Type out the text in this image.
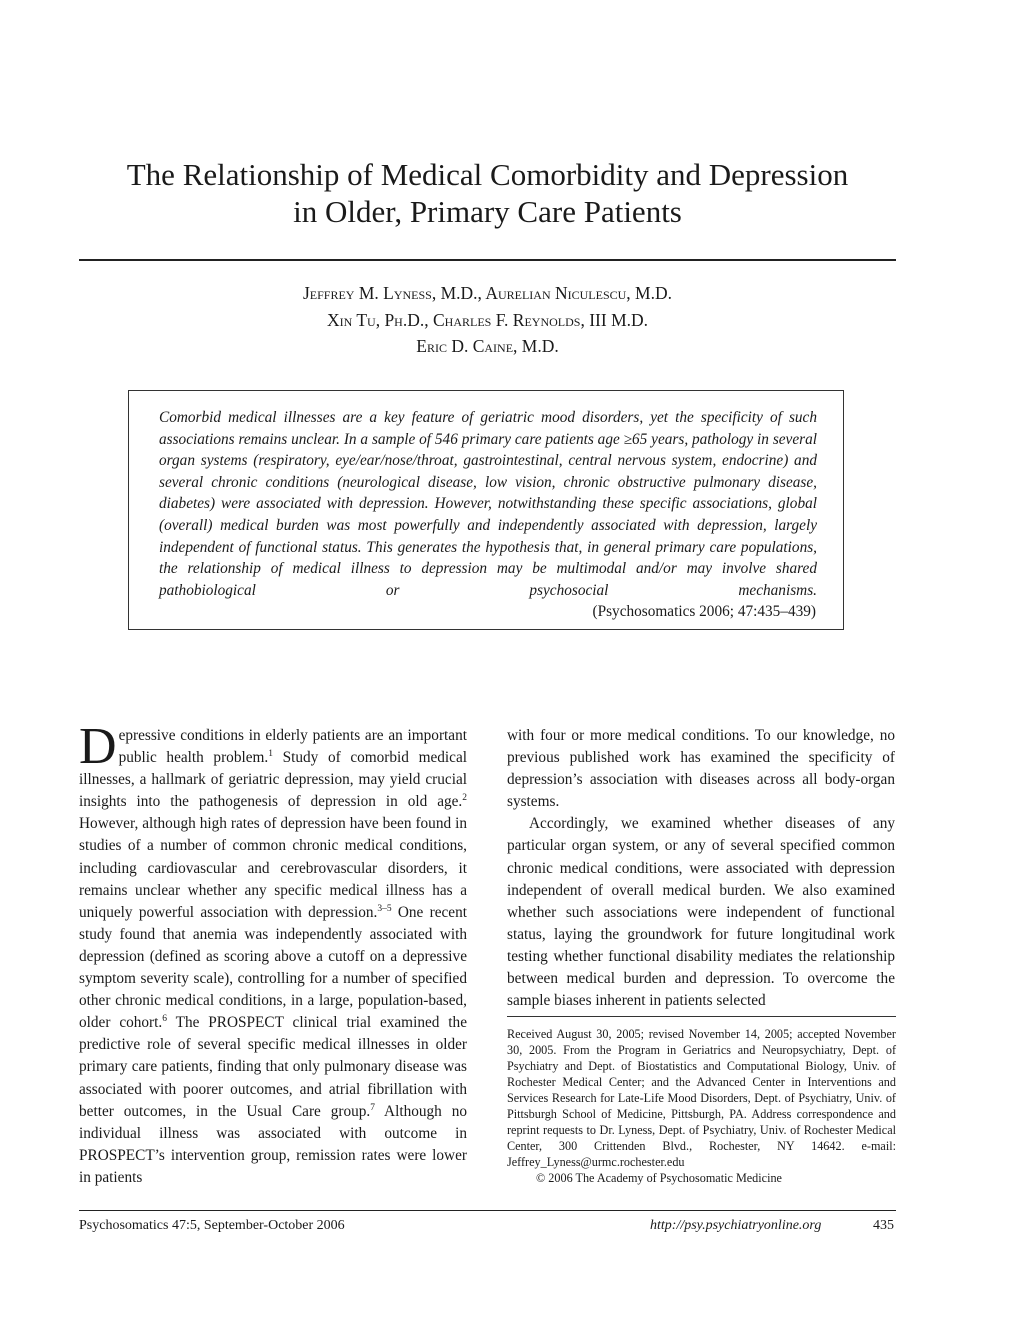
The Relationship of Medical Comorbidity and Depression
in Older, Primary Care Patients
Jeffrey M. Lyness, M.D., Aurelian Niculescu, M.D.
Xin Tu, Ph.D., Charles F. Reynolds, III M.D.
Eric D. Caine, M.D.

Comorbid medical illnesses are a key feature of geriatric mood disorders, yet the specificity of such associations remains unclear. In a sample of 546 primary care patients age ≥65 years, pathology in several organ systems (respiratory, eye/ear/nose/throat, gastrointestinal, central nervous system, endocrine) and several chronic conditions (neurological disease, low vision, chronic obstructive pulmonary disease, diabetes) were associated with depression. However, notwithstanding these specific associations, global (overall) medical burden was most powerfully and independently associated with depression, largely independent of functional status. This generates the hypothesis that, in general primary care populations, the relationship of medical illness to depression may be multimodal and/or may involve shared pathobiological or psychosocial mechanisms.

(Psychosomatics 2006; 47:435–439)

Depressive conditions in elderly patients are an important public health problem.$^1$ Study of comorbid medical illnesses, a hallmark of geriatric depression, may yield crucial insights into the pathogenesis of depression in old age.$^2$ However, although high rates of depression have been found in studies of a number of common chronic medical conditions, including cardiovascular and cerebrovascular disorders, it remains unclear whether any specific medical illness has a uniquely powerful association with depression.$^{3-5}$ One recent study found that anemia was independently associated with depression (defined as scoring above a cutoff on a depressive symptom severity scale), controlling for a number of specified other chronic medical conditions, in a large, population-based, older cohort.$^6$ The PROSPECT clinical trial examined the predictive role of several specific medical illnesses in older primary care patients, finding that only pulmonary disease was associated with poorer outcomes, and atrial fibrillation with better outcomes, in the Usual Care group.$^7$ Although no individual illness was associated with outcome in PROSPECT’s intervention group, remission rates were lower in patients

with four or more medical conditions. To our knowledge, no previous published work has examined the specificity of depression’s association with diseases across all body-organ systems.

Accordingly, we examined whether diseases of any particular organ system, or any of several specified common chronic medical conditions, were associated with depression independent of overall medical burden. We also examined whether such associations were independent of functional status, laying the groundwork for future longitudinal work testing whether functional disability mediates the relationship between medical burden and depression. To overcome the sample biases inherent in patients selected

Received August 30, 2005; revised November 14, 2005; accepted November 30, 2005. From the Program in Geriatrics and Neuropsychiatry, Dept. of Psychiatry and Dept. of Biostatistics and Computational Biology, Univ. of Rochester Medical Center; and the Advanced Center in Interventions and Services Research for Late-Life Mood Disorders, Dept. of Psychiatry, Univ. of Pittsburgh School of Medicine, Pittsburgh, PA. Address correspondence and reprint requests to Dr. Lyness, Dept. of Psychiatry, Univ. of Rochester Medical Center, 300 Crittenden Blvd., Rochester, NY 14642. e-mail: Jeffrey_Lyness@urmc.rochester.edu

© 2006 The Academy of Psychosomatic Medicine
Psychosomatics 47:5, September-October 2006	http://psy.psychiatryonline.org	435
